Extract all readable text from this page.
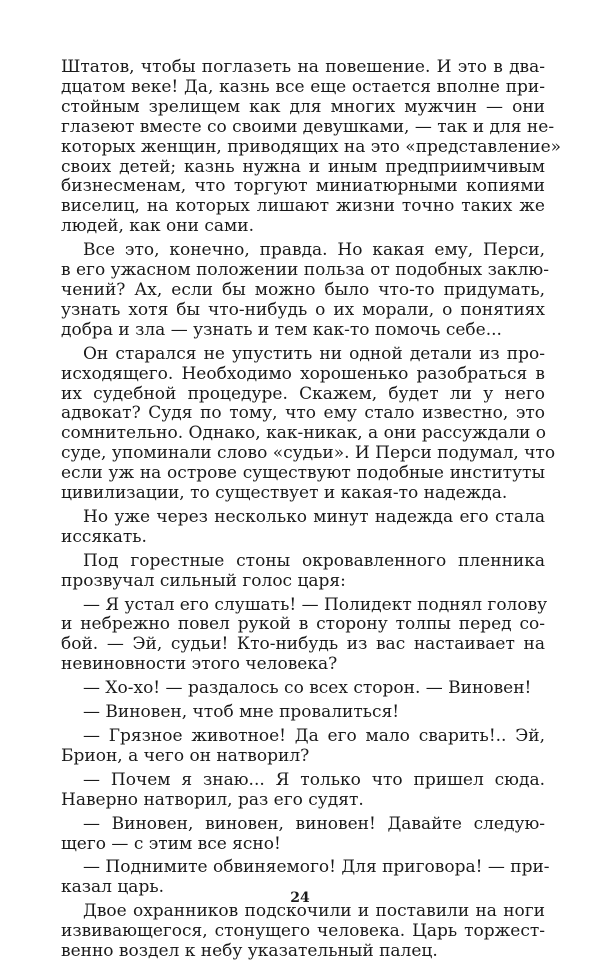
Штатов, чтобы поглазеть на повешение. И это в два-
дцатом веке! Да, казнь все еще остается вполне при-
стойным зрелищем как для многих мужчин — они
глазеют вместе со своими девушками, — так и для не-
которых женщин, приводящих на это «представление»
своих детей; казнь нужна и иным предприимчивым
бизнесменам, что торгуют миниатюрными копиями
виселиц, на которых лишают жизни точно таких же
людей, как они сами.
Все это, конечно, правда. Но какая ему, Перси,
в его ужасном положении польза от подобных заклю-
чений? Ах, если бы можно было что-то придумать,
узнать хотя бы что-нибудь о их морали, о понятиях
добра и зла — узнать и тем как-то помочь себе...
Он старался не упустить ни одной детали из про-
исходящего. Необходимо хорошенько разобраться в
их судебной процедуре. Скажем, будет ли у него
адвокат? Судя по тому, что ему стало известно, это
сомнительно. Однако, как-никак, а они рассуждали о
суде, упоминали слово «судьи». И Перси подумал, что
если уж на острове существуют подобные институты
цивилизации, то существует и какая-то надежда.
Но уже через несколько минут надежда его стала
иссякать.
Под горестные стоны окровавленного пленника
прозвучал сильный голос царя:
— Я устал его слушать! — Полидект поднял голову
и небрежно повел рукой в сторону толпы перед со-
бой. — Эй, судьи! Кто-нибудь из вас настаивает на
невиновности этого человека?
— Хо-хо! — раздалось со всех сторон. — Виновен!
— Виновен, чтоб мне провалиться!
— Грязное животное! Да его мало сварить!.. Эй,
Брион, а чего он натворил?
— Почем я знаю... Я только что пришел сюда.
Наверно натворил, раз его судят.
— Виновен, виновен, виновен! Давайте следую-
щего — с этим все ясно!
— Поднимите обвиняемого! Для приговора! — при-
казал царь.
Двое охранников подскочили и поставили на ноги
извивающегося, стонущего человека. Царь торжест-
венно воздел к небу указательный палец.
24
